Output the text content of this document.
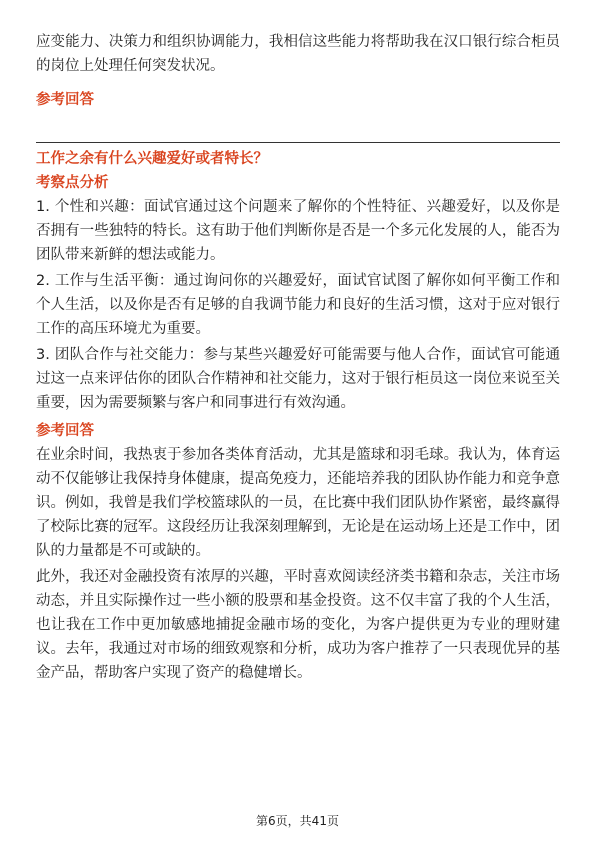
应变能力、决策力和组织协调能力，我相信这些能力将帮助我在汉口银行综合柜员的岗位上处理任何突发状况。

参考回答

工作之余有什么兴趣爱好或者特长？

考察点分析

1. 个性和兴趣：面试官通过这个问题来了解你的个性特征、兴趣爱好，以及你是否拥有一些独特的特长。这有助于他们判断你是否是一个多元化发展的人，能否为团队带来新鲜的想法或能力。

2. 工作与生活平衡：通过询问你的兴趣爱好，面试官试图了解你如何平衡工作和个人生活，以及你是否有足够的自我调节能力和良好的生活习惯，这对于应对银行工作的高压环境尤为重要。

3. 团队合作与社交能力：参与某些兴趣爱好可能需要与他人合作，面试官可能通过这一点来评估你的团队合作精神和社交能力，这对于银行柜员这一岗位来说至关重要，因为需要频繁与客户和同事进行有效沟通。

参考回答

在业余时间，我热衷于参加各类体育活动，尤其是篮球和羽毛球。我认为，体育运动不仅能够让我保持身体健康，提高免疫力，还能培养我的团队协作能力和竞争意识。例如，我曾是我们学校篮球队的一员，在比赛中我们团队协作紧密，最终赢得了校际比赛的冠军。这段经历让我深刻理解到，无论是在运动场上还是工作中，团队的力量都是不可或缺的。

此外，我还对金融投资有浓厚的兴趣，平时喜欢阅读经济类书籍和杂志，关注市场动态，并且实际操作过一些小额的股票和基金投资。这不仅丰富了我的个人生活，也让我在工作中更加敏感地捕捉金融市场的变化，为客户提供更为专业的理财建议。去年，我通过对市场的细致观察和分析，成功为客户推荐了一只表现优异的基金产品，帮助客户实现了资产的稳健增长。

第6页，共41页
